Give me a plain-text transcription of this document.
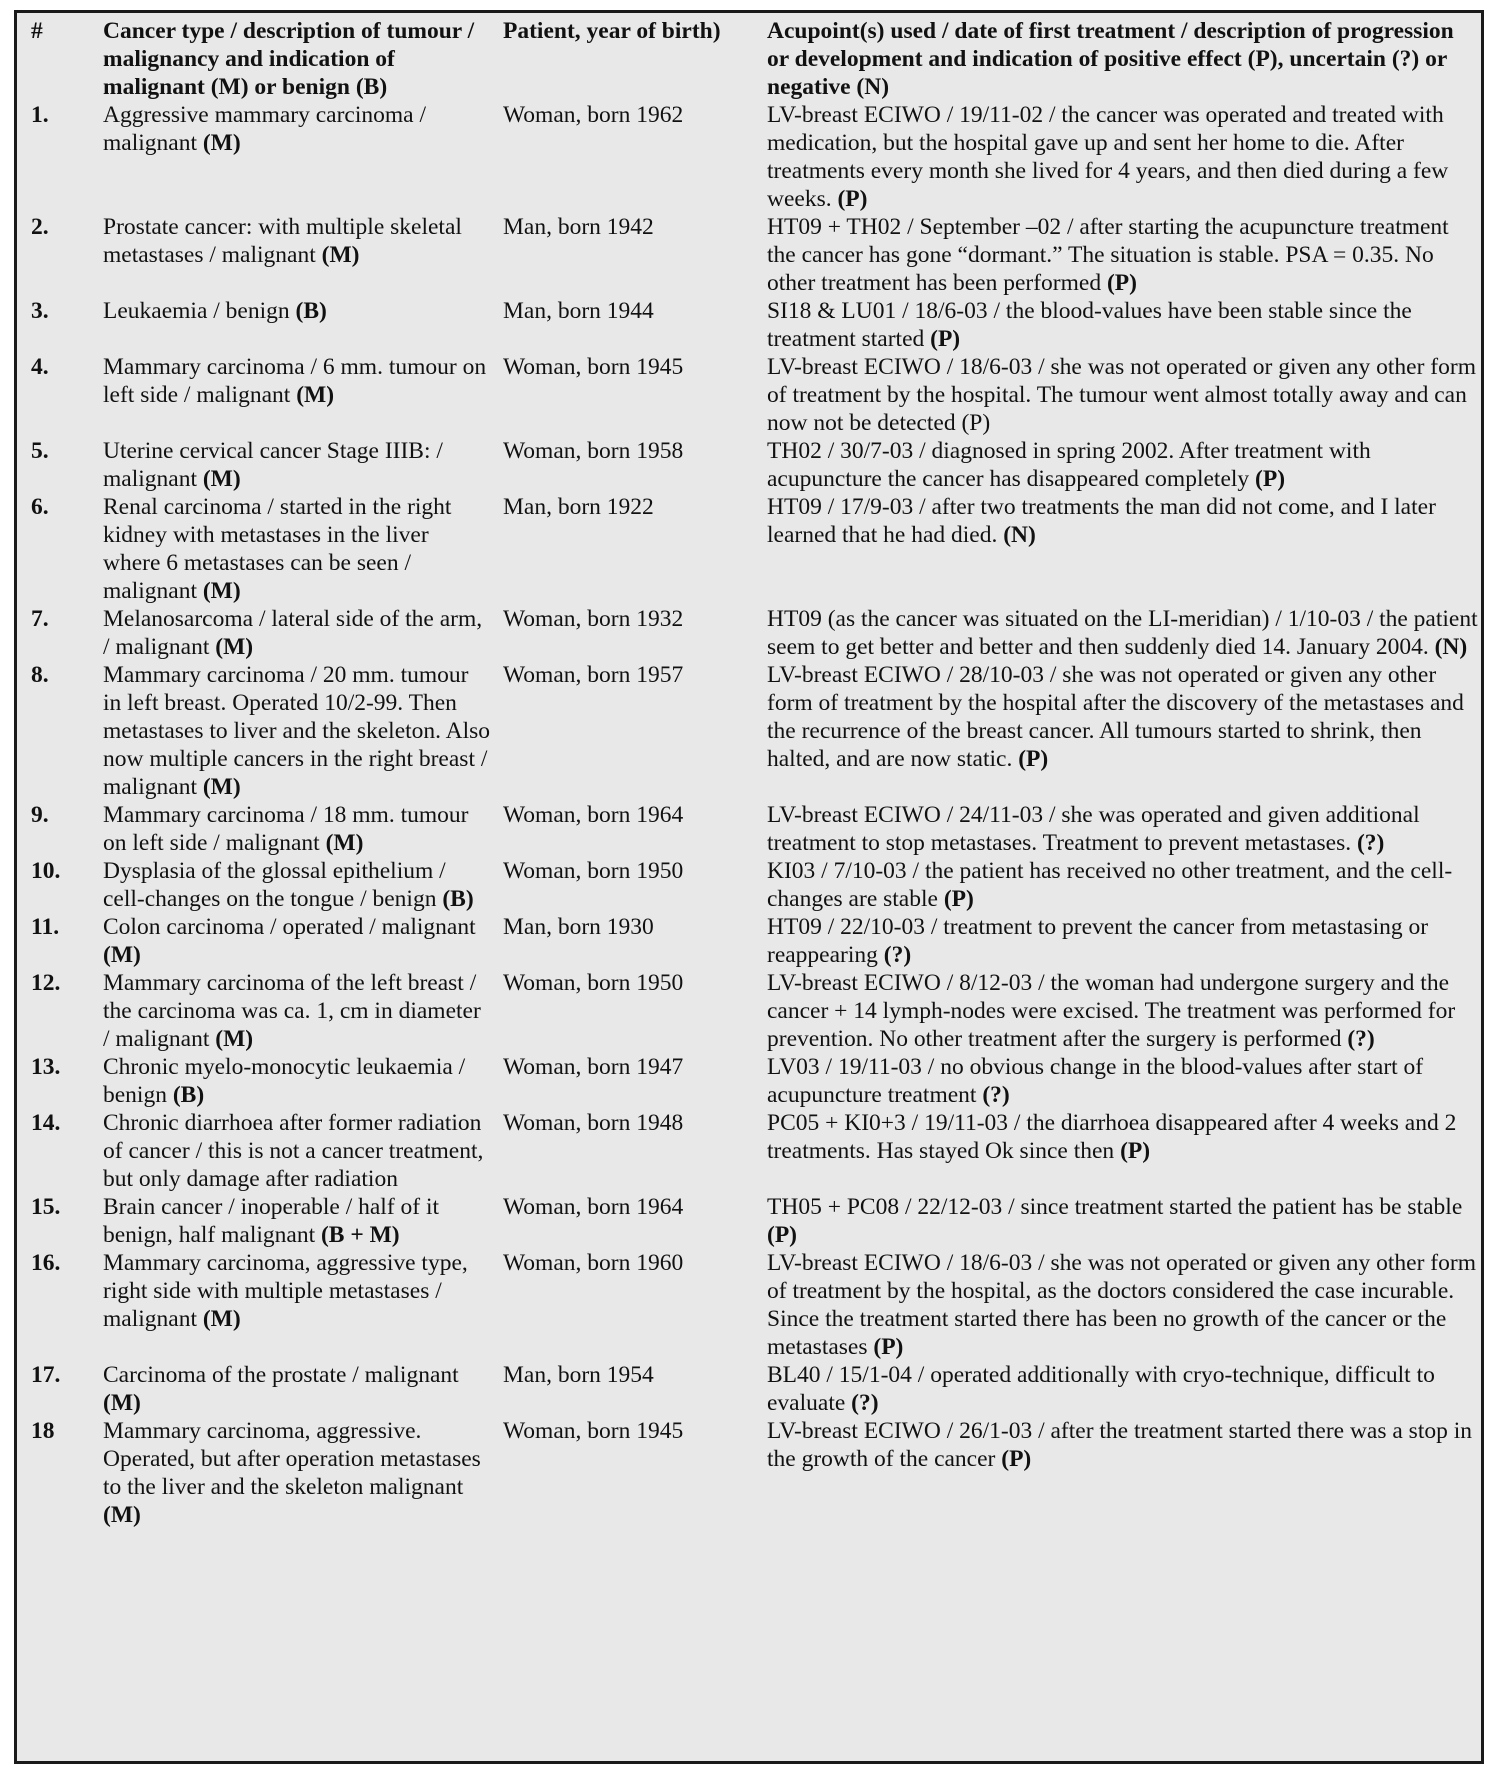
#	Cancer type / description of tumour / malignancy and indication of malignant (M) or benign (B)	Patient, year of birth)	Acupoint(s) used / date of first treatment / description of progression or development and indication of positive effect (P), uncertain (?) or negative (N)
1.	Aggressive mammary carcinoma / malignant (M)	Woman, born 1962	LV-breast ECIWO / 19/11-02 / the cancer was operated and treated with medication, but the hospital gave up and sent her home to die. After treatments every month she lived for 4 years, and then died during a few weeks. (P)
2.	Prostate cancer: with multiple skeletal metastases / malignant (M)	Man, born 1942	HT09 + TH02 / September –02 / after starting the acupuncture treatment the cancer has gone “dormant.” The situation is stable. PSA = 0.35. No other treatment has been performed (P)
3.	Leukaemia / benign (B)	Man, born 1944	SI18 & LU01 / 18/6-03 / the blood-values have been stable since the treatment started (P)
4.	Mammary carcinoma / 6 mm. tumour on left side / malignant (M)	Woman, born 1945	LV-breast ECIWO / 18/6-03 / she was not operated or given any other form of treatment by the hospital. The tumour went almost totally away and can now not be detected (P)
5.	Uterine cervical cancer Stage IIIB: / malignant (M)	Woman, born 1958	TH02 / 30/7-03 / diagnosed in spring 2002. After treatment with acupuncture the cancer has disappeared completely (P)
6.	Renal carcinoma / started in the right kidney with metastases in the liver where 6 metastases can be seen / malignant (M)	Man, born 1922	HT09 / 17/9-03 / after two treatments the man did not come, and I later learned that he had died. (N)
7.	Melanosarcoma / lateral side of the arm, / malignant (M)	Woman, born 1932	HT09 (as the cancer was situated on the LI-meridian) / 1/10-03 / the patient seem to get better and better and then suddenly died 14. January 2004. (N)
8.	Mammary carcinoma / 20 mm. tumour in left breast. Operated 10/2-99. Then metastases to liver and the skeleton. Also now multiple cancers in the right breast / malignant (M)	Woman, born 1957	LV-breast ECIWO / 28/10-03 / she was not operated or given any other form of treatment by the hospital after the discovery of the metastases and the recurrence of the breast cancer. All tumours started to shrink, then halted, and are now static. (P)
9.	Mammary carcinoma / 18 mm. tumour on left side / malignant (M)	Woman, born 1964	LV-breast ECIWO / 24/11-03 / she was operated and given additional treatment to stop metastases. Treatment to prevent metastases. (?)
10.	Dysplasia of the glossal epithelium / cell-changes on the tongue / benign (B)	Woman, born 1950	KI03 / 7/10-03 / the patient has received no other treatment, and the cell-changes are stable (P)
11.	Colon carcinoma / operated / malignant (M)	Man, born 1930	HT09 / 22/10-03 / treatment to prevent the cancer from metastasing or reappearing (?)
12.	Mammary carcinoma of the left breast / the carcinoma was ca. 1, cm in diameter / malignant (M)	Woman, born 1950	LV-breast ECIWO / 8/12-03 / the woman had undergone surgery and the cancer + 14 lymph-nodes were excised. The treatment was performed for prevention. No other treatment after the surgery is performed (?)
13.	Chronic myelo-monocytic leukaemia / benign (B)	Woman, born 1947	LV03 / 19/11-03 / no obvious change in the blood-values after start of acupuncture treatment (?)
14.	Chronic diarrhoea after former radiation of cancer / this is not a cancer treatment, but only damage after radiation	Woman, born 1948	PC05 + KI0+3 / 19/11-03 / the diarrhoea disappeared after 4 weeks and 2 treatments. Has stayed Ok since then (P)
15.	Brain cancer / inoperable / half of it benign, half malignant (B + M)	Woman, born 1964	TH05 + PC08 / 22/12-03 / since treatment started the patient has be stable (P)
16.	Mammary carcinoma, aggressive type, right side with multiple metastases / malignant (M)	Woman, born 1960	LV-breast ECIWO / 18/6-03 / she was not operated or given any other form of treatment by the hospital, as the doctors considered the case incurable. Since the treatment started there has been no growth of the cancer or the metastases (P)
17.	Carcinoma of the prostate / malignant (M)	Man, born 1954	BL40 / 15/1-04 / operated additionally with cryo-technique, difficult to evaluate (?)
18	Mammary carcinoma, aggressive. Operated, but after operation metastases to the liver and the skeleton malignant (M)	Woman, born 1945	LV-breast ECIWO / 26/1-03 / after the treatment started there was a stop in the growth of the cancer (P)
